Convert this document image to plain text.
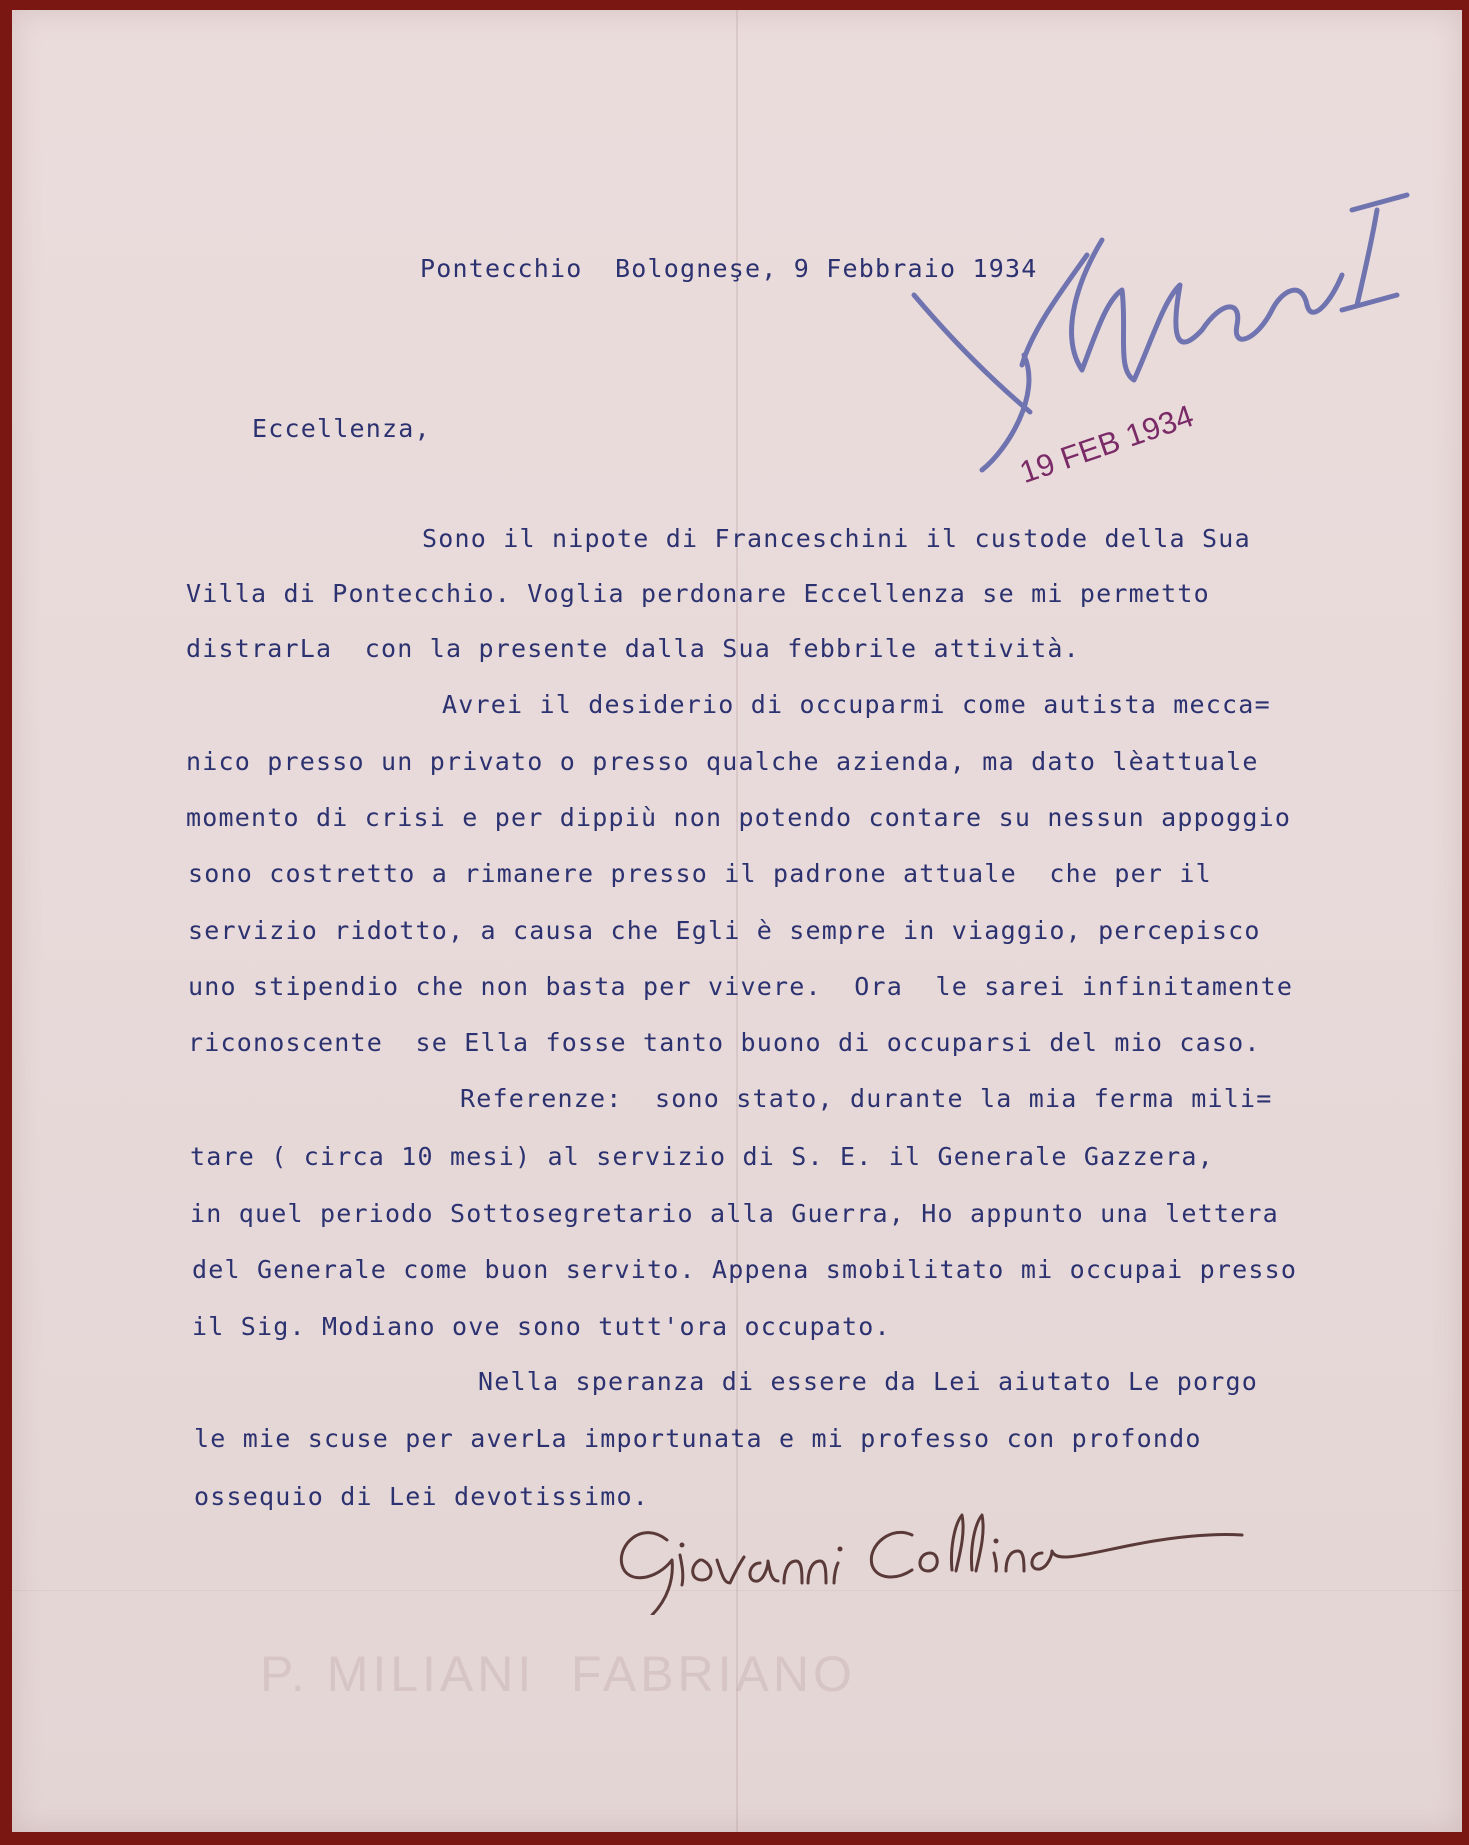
P. MILIANI  FABRIANO
Pontecchio  Bologneşe, 9 Febbraio 1934
Eccellenza,
Sono il nipote di Franceschini il custode della Sua
Villa di Pontecchio. Voglia perdonare Eccellenza se mi permetto
distrarLa  con la presente dalla Sua febbrile attività.
Avrei il desiderio di occuparmi come autista mecca=
nico presso un privato o presso qualche azienda, ma dato lèattuale
momento di crisi e per dippiù non potendo contare su nessun appoggio
sono costretto a rimanere presso il padrone attuale  che per il
servizio ridotto, a causa che Egli è sempre in viaggio, percepisco
uno stipendio che non basta per vivere.  Ora  le sarei infinitamente
riconoscente  se Ella fosse tanto buono di occuparsi del mio caso.
Referenze:  sono stato, durante la mia ferma mili=
tare ( circa 10 mesi) al servizio di S. E. il Generale Gazzera,
in quel periodo Sottosegretario alla Guerra, Ho appunto una lettera
del Generale come buon servito. Appena smobilitato mi occupai presso
il Sig. Modiano ove sono tutt'ora occupato.
Nella speranza di essere da Lei aiutato Le porgo
le mie scuse per averLa importunata e mi professo con profondo
ossequio di Lei devotissimo.
19 FEB 1934
